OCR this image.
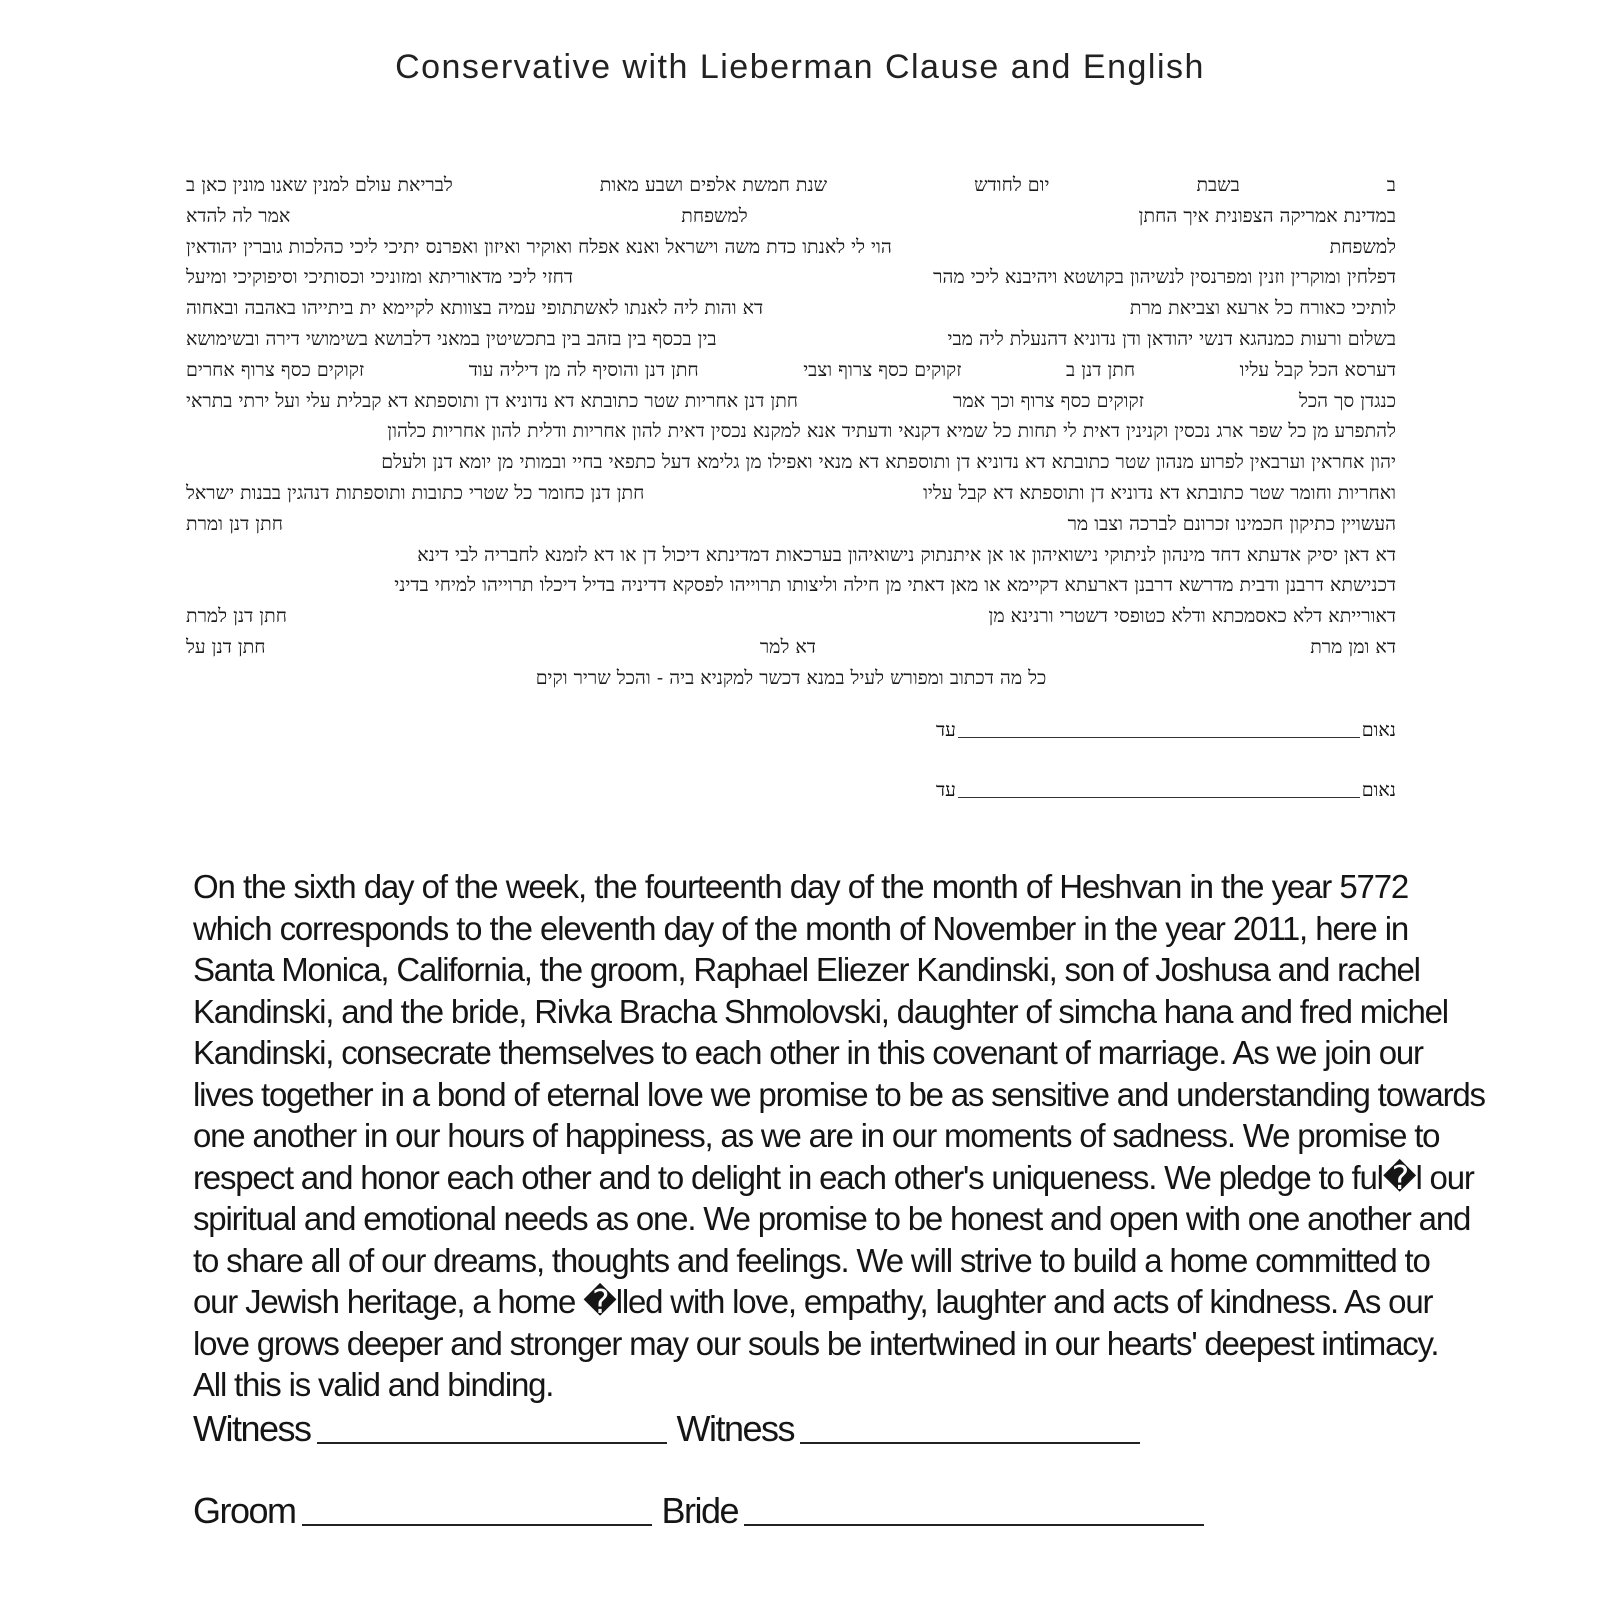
Conservative with Lieberman Clause and English
ב
בשבת
יום לחודש
שנת חמשת אלפים ושבע מאות
לבריאת עולם למנין שאנו מונין כאן ב
במדינת אמריקה הצפונית איך החתן
למשפחת
אמר לה להדא
למשפחת
הוי לי לאנתו כדת משה וישראל ואנא אפלח ואוקיר ואיזון ואפרנס יתיכי ליכי כהלכות גוברין יהודאין
דפלחין ומוקרין וזנין ומפרנסין לנשיהון בקושטא ויהיבנא ליכי מהר
דחזי ליכי מדאוריתא ומזוניכי וכסותיכי וסיפוקיכי ומיעל
לותיכי כאורח כל ארעא וצביאת מרת
דא והות ליה לאנתו לאשתתופי עמיה בצוותא לקיימא ית ביתייהו באהבה ובאחוה
בשלום ורעות כמנהגא דנשי יהודאן ודן נדוניא דהנעלת ליה מבי
בין בכסף בין בזהב בין בתכשיטין במאני דלבושא בשימושי דירה ובשימושא
דערסא הכל קבל עליו
חתן דנן ב
זקוקים כסף צרוף וצבי
חתן דנן והוסיף לה מן דיליה עוד
זקוקים כסף צרוף אחרים
כנגדן סך הכל
זקוקים כסף צרוף וכך אמר
חתן דנן אחריות שטר כתובתא דא נדוניא דן ותוספתא דא קבלית עלי ועל ירתי בתראי
להתפרע מן כל שפר ארג נכסין וקנינין דאית לי תחות כל שמיא דקנאי ודעתיד אנא למקנא נכסין דאית להון אחריות ודלית להון אחריות כלהון
יהון אחראין וערבאין לפרוע מנהון שטר כתובתא דא נדוניא דן ותוספתא דא מנאי ואפילו מן גלימא דעל כתפאי בחיי ובמותי מן יומא דנן ולעלם
ואחריות וחומר שטר כתובתא דא נדוניא דן ותוספתא דא קבל עליו
חתן דנן כחומר כל שטרי כתובות ותוספתות דנהגין בבנות ישראל
העשויין כתיקון חכמינו זכרונם לברכה וצבו מר
חתן דנן ומרת
דא דאן יסיק אדעתא דחד מינהון לניתוקי נישואיהון או אן איתנתוק נישואיהון בערכאות דמדינתא דיכול דן או דא לזמנא לחבריה לבי דינא
דכנישתא דרבנן ודבית מדרשא דרבנן דארעתא דקיימא או מאן דאתי מן חילה וליצותו תרוייהו לפסקא דדיניה בדיל דיכלו תרוייהו למיחי בדיני
דאורייתא דלא כאסמכתא ודלא כטופסי דשטרי ורנינא מן
חתן דנן למרת
דא ומן מרת
דא למר
חתן דנן על
כל מה דכתוב ומפורש לעיל במנא דכשר למקניא ביה - והכל שריר וקים
נאום
עד
נאום
עד
On the sixth day of the week, the fourteenth day of the month of Heshvan in the year 5772
which corresponds to the eleventh day of the month of November in the year 2011, here in
Santa Monica, California, the groom, Raphael Eliezer Kandinski, son of Joshusa and rachel
Kandinski, and the bride, Rivka Bracha Shmolovski, daughter of simcha hana and fred michel
Kandinski, consecrate themselves to each other in this covenant of marriage. As we join our
lives together in a bond of eternal love we promise to be as sensitive and understanding towards
one another in our hours of happiness, as we are in our moments of sadness. We promise to
respect and honor each other and to delight in each other's uniqueness. We pledge to ful�l our
spiritual and emotional needs as one. We promise to be honest and open with one another and
to share all of our dreams, thoughts and feelings. We will strive to build a home committed to
our Jewish heritage, a home �lled with love, empathy, laughter and acts of kindness. As our
love grows deeper and stronger may our souls be intertwined in our hearts' deepest intimacy.
All this is valid and binding.
Witness	Witness
Groom	Bride
